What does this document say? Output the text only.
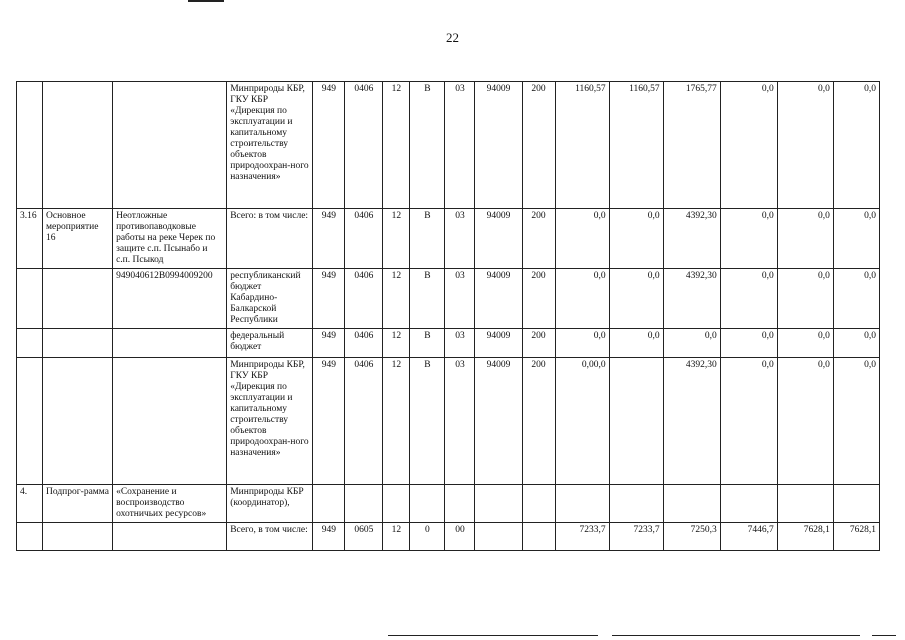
22
			Минприроды КБР, ГКУ КБР «Дирекция по эксплуатации и капитальному строительству объектов природоохран-ного назначения»	949	0406	12	В	03	94009	200	1160,57	1160,57	1765,77	0,0	0,0	0,0
3.16	Основное мероприятие 16	Неотложные противопаводковые работы на реке Черек по защите с.п. Псынабо и с.п. Псыкод	Всего: в том числе:	949	0406	12	В	03	94009	200	0,0	0,0	4392,30	0,0	0,0	0,0
		949040612В0994009200	республиканский бюджет Кабардино-Балкарской Республики	949	0406	12	В	03	94009	200	0,0	0,0	4392,30	0,0	0,0	0,0
			федеральный бюджет	949	0406	12	В	03	94009	200	0,0	0,0	0,0	0,0	0,0	0,0
			Минприроды КБР, ГКУ КБР «Дирекция по эксплуатации и капитальному строительству объектов природоохран-ного назначения»	949	0406	12	В	03	94009	200	0,00,0		4392,30	0,0	0,0	0,0
4.	Подпрог-рамма	«Сохранение и воспроизводство охотничьих ресурсов»	Минприроды КБР (координатор),													
			Всего, в том числе:	949	0605	12	0	00			7233,7	7233,7	7250,3	7446,7	7628,1	7628,1
